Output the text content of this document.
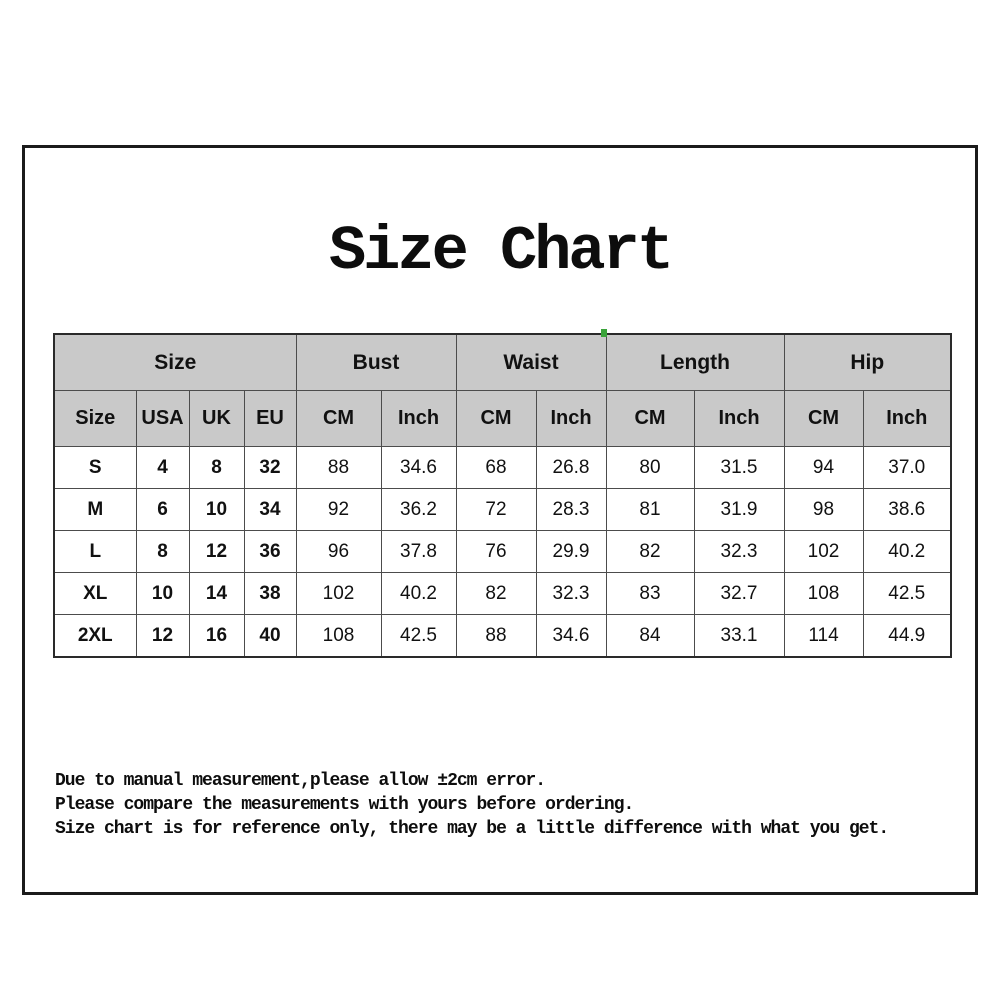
Size Chart
Size				Bust		Waist		Length		Hip	
Size	USA	UK	EU	CM	Inch	CM	Inch	CM	Inch	CM	Inch
S	4	8	32	88	34.6	68	26.8	80	31.5	94	37.0
M	6	10	34	92	36.2	72	28.3	81	31.9	98	38.6
L	8	12	36	96	37.8	76	29.9	82	32.3	102	40.2
XL	10	14	38	102	40.2	82	32.3	83	32.7	108	42.5
2XL	12	16	40	108	42.5	88	34.6	84	33.1	114	44.9
Due to manual measurement,please allow ±2cm error.
Please compare the measurements with yours before ordering.
Size chart is for reference only, there may be a little difference with what you get.
